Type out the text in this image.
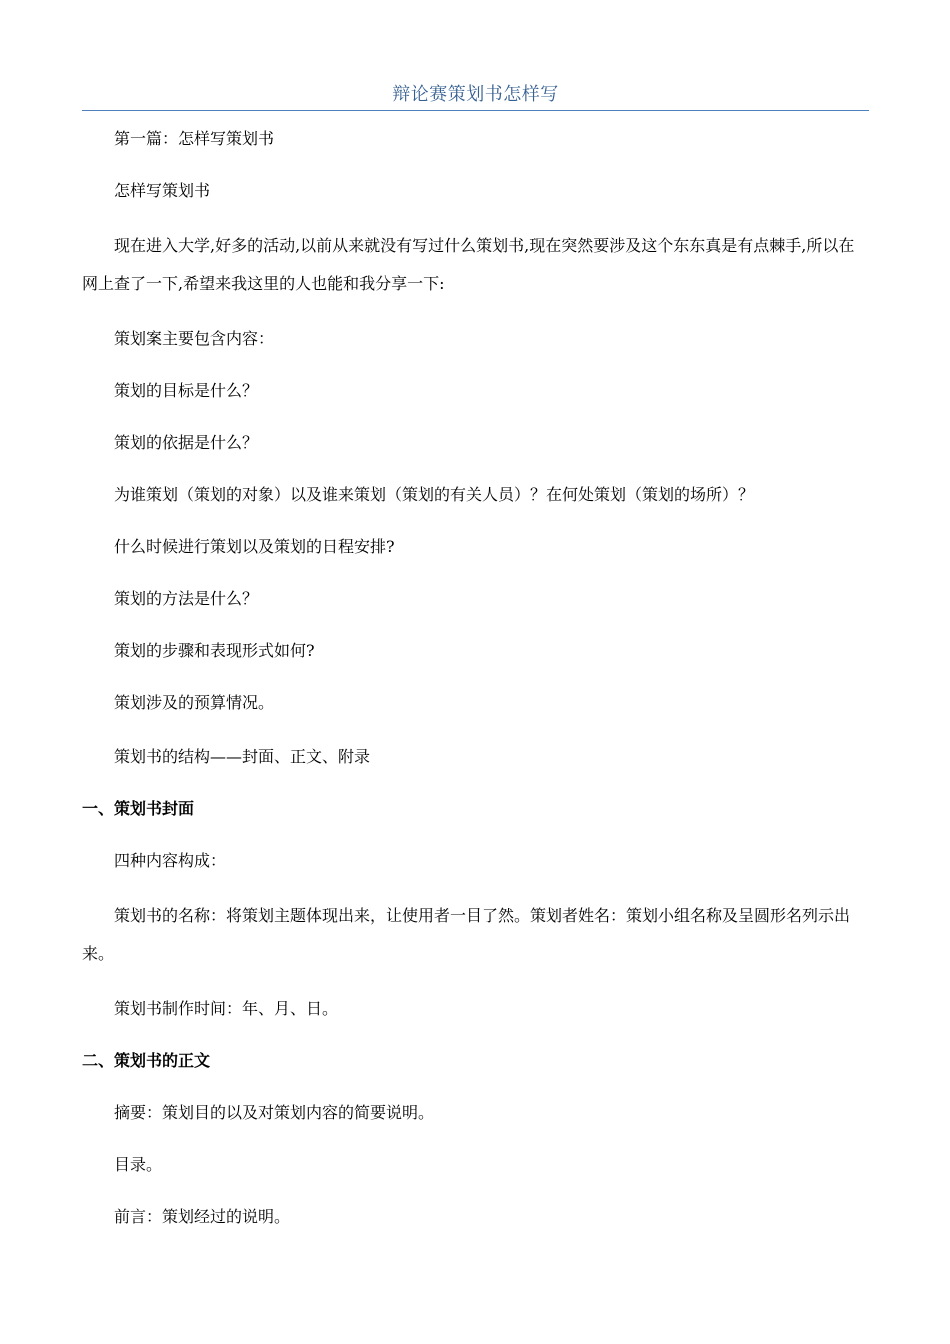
辩论赛策划书怎样写

第一篇：怎样写策划书

怎样写策划书

现在进入大学,好多的活动,以前从来就没有写过什么策划书,现在突然要涉及这个东东真是有点棘手,所以在网上查了一下,希望来我这里的人也能和我分享一下:

策划案主要包含内容：

策划的目标是什么？

策划的依据是什么？

为谁策划（策划的对象）以及谁来策划（策划的有关人员）？在何处策划（策划的场所）？

什么时候进行策划以及策划的日程安排?

策划的方法是什么？

策划的步骤和表现形式如何?

策划涉及的预算情况。

策划书的结构——封面、正文、附录

一、策划书封面

四种内容构成：

策划书的名称：将策划主题体现出来，让使用者一目了然。策划者姓名：策划小组名称及呈圆形名列示出来。

策划书制作时间：年、月、日。

二、策划书的正文

摘要：策划目的以及对策划内容的简要说明。

目录。

前言：策划经过的说明。
